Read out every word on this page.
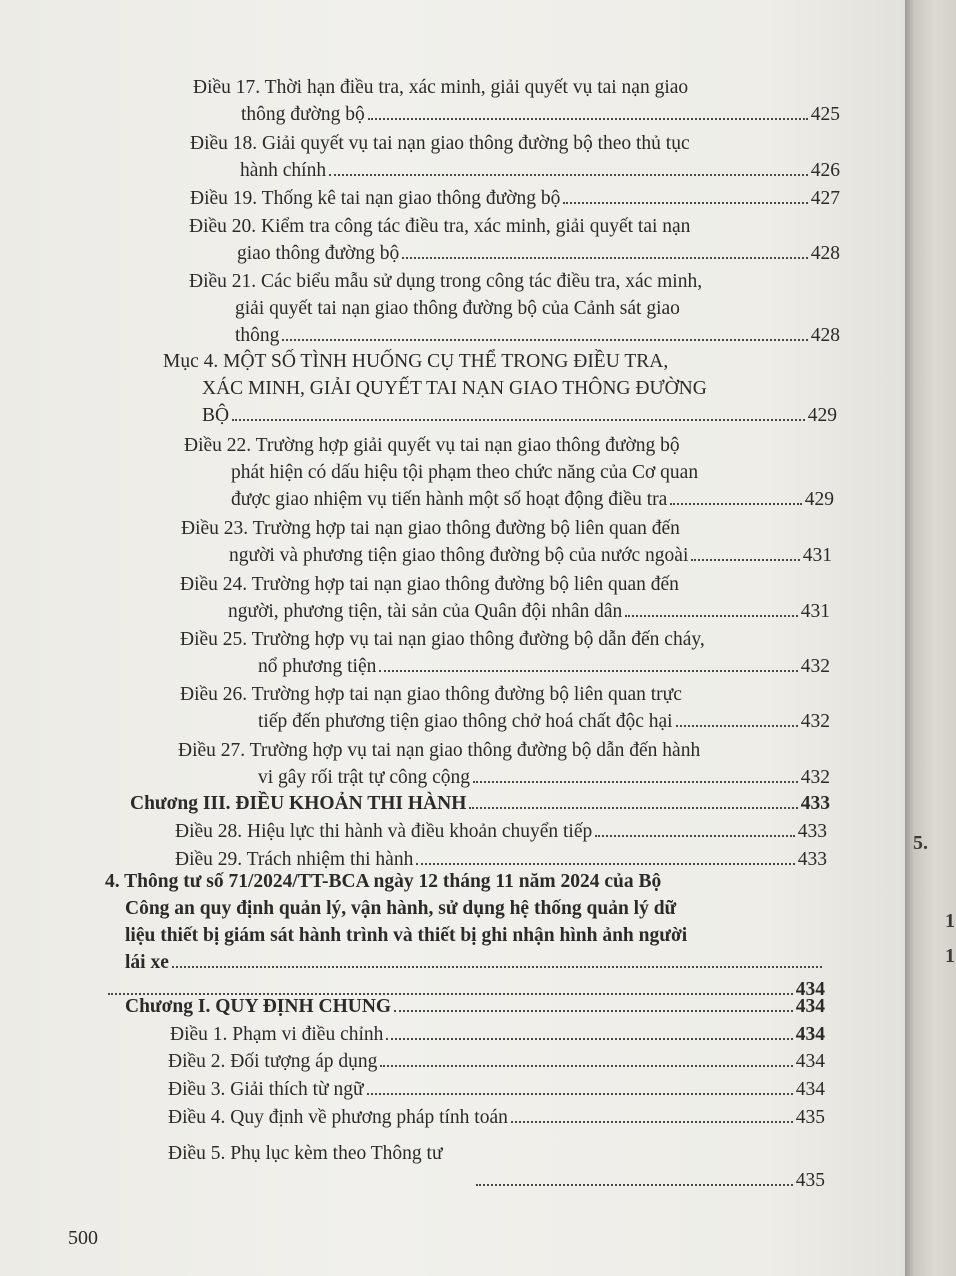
5.
1
1
Điều 17. Thời hạn điều tra, xác minh, giải quyết vụ tai nạn giao
thông đường bộ	425
Điều 18. Giải quyết vụ tai nạn giao thông đường bộ theo thủ tục
hành chính	426
Điều 19. Thống kê tai nạn giao thông đường bộ	427
Điều 20. Kiểm tra công tác điều tra, xác minh, giải quyết tai nạn
giao thông đường bộ	428
Điều 21. Các biểu mẫu sử dụng trong công tác điều tra, xác minh,
giải quyết tai nạn giao thông đường bộ của Cảnh sát giao
thông	428
Mục 4. MỘT SỐ TÌNH HUỐNG CỤ THỂ TRONG ĐIỀU TRA,
XÁC MINH, GIẢI QUYẾT TAI NẠN GIAO THÔNG ĐƯỜNG
BỘ	429
Điều 22. Trường hợp giải quyết vụ tai nạn giao thông đường bộ
phát hiện có dấu hiệu tội phạm theo chức năng của Cơ quan
được giao nhiệm vụ tiến hành một số hoạt động điều tra	429
Điều 23. Trường hợp tai nạn giao thông đường bộ liên quan đến
người và phương tiện giao thông đường bộ của nước ngoài	431
Điều 24. Trường hợp tai nạn giao thông đường bộ liên quan đến
người, phương tiện, tài sản của Quân đội nhân dân	431
Điều 25. Trường hợp vụ tai nạn giao thông đường bộ dẫn đến cháy,
nổ phương tiện	432
Điều 26. Trường hợp tai nạn giao thông đường bộ liên quan trực
tiếp đến phương tiện giao thông chở hoá chất độc hại	432
Điều 27. Trường hợp vụ tai nạn giao thông đường bộ dẫn đến hành
vi gây rối trật tự công cộng	432
Chương III. ĐIỀU KHOẢN THI HÀNH	433
Điều 28. Hiệu lực thi hành và điều khoản chuyển tiếp	433
Điều 29. Trách nhiệm thi hành	433
4. Thông tư số 71/2024/TT-BCA ngày 12 tháng 11 năm 2024 của Bộ
Công an quy định quản lý, vận hành, sử dụng hệ thống quản lý dữ
liệu thiết bị giám sát hành trình và thiết bị ghi nhận hình ảnh người
lái xe
434
Chương I. QUY ĐỊNH CHUNG	434
Điều 1. Phạm vi điều chỉnh	434
Điều 2. Đối tượng áp dụng	434
Điều 3. Giải thích từ ngữ	434
Điều 4. Quy định về phương pháp tính toán	435
Điều 5. Phụ lục kèm theo Thông tư
435
500
